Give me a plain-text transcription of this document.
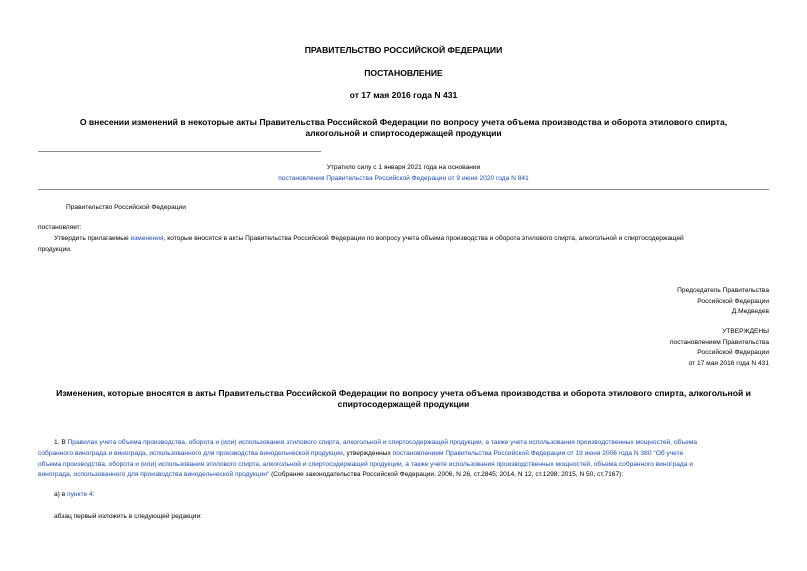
ПРАВИТЕЛЬСТВО РОССИЙСКОЙ ФЕДЕРАЦИИ
ПОСТАНОВЛЕНИЕ
от 17 мая 2016 года N 431
О внесении изменений в некоторые акты Правительства Российской Федерации по вопросу учета объема производства и оборота этилового спирта,
алкогольной и спиртосодержащей продукции
Утратило силу с 1 января 2021 года на основании
постановления Правительства Российской Федерации от 9 июня 2020 года N 841
Правительство Российской Федерации
постановляет:
Утвердить прилагаемые изменения, которые вносятся в акты Правительства Российской Федерации по вопросу учета объема производства и оборота этилового спирта, алкогольной и спиртосодержащей
продукции.
Председатель Правительства
Российской Федерации
Д.Медведев
УТВЕРЖДЕНЫ
постановлением Правительства
Российской Федерации
от 17 мая 2016 года N 431
Изменения, которые вносятся в акты Правительства Российской Федерации по вопросу учета объема производства и оборота этилового спирта, алкогольной и
спиртосодержащей продукции
1. В Правилах учета объема производства, оборота и (или) использования этилового спирта, алкогольной и спиртосодержащей продукции, а также учета использования производственных мощностей, объема
собранного винограда и винограда, использованного для производства винодельческой продукции, утвержденных постановлением Правительства Российской Федерации от 19 июня 2006 года N 380 "Об учете
объема производства, оборота и (или) использования этилового спирта, алкогольной и спиртосодержащей продукции, а также учете использования производственных мощностей, объема собранного винограда и
винограда, использованного для производства винодельческой продукции" (Собрание законодательства Российской Федерации, 2006, N 26, ст.2845; 2014, N 12, ст.1298; 2015, N 50, ст.7167):
а) в пункте 4:
абзац первый изложить в следующей редакции:
